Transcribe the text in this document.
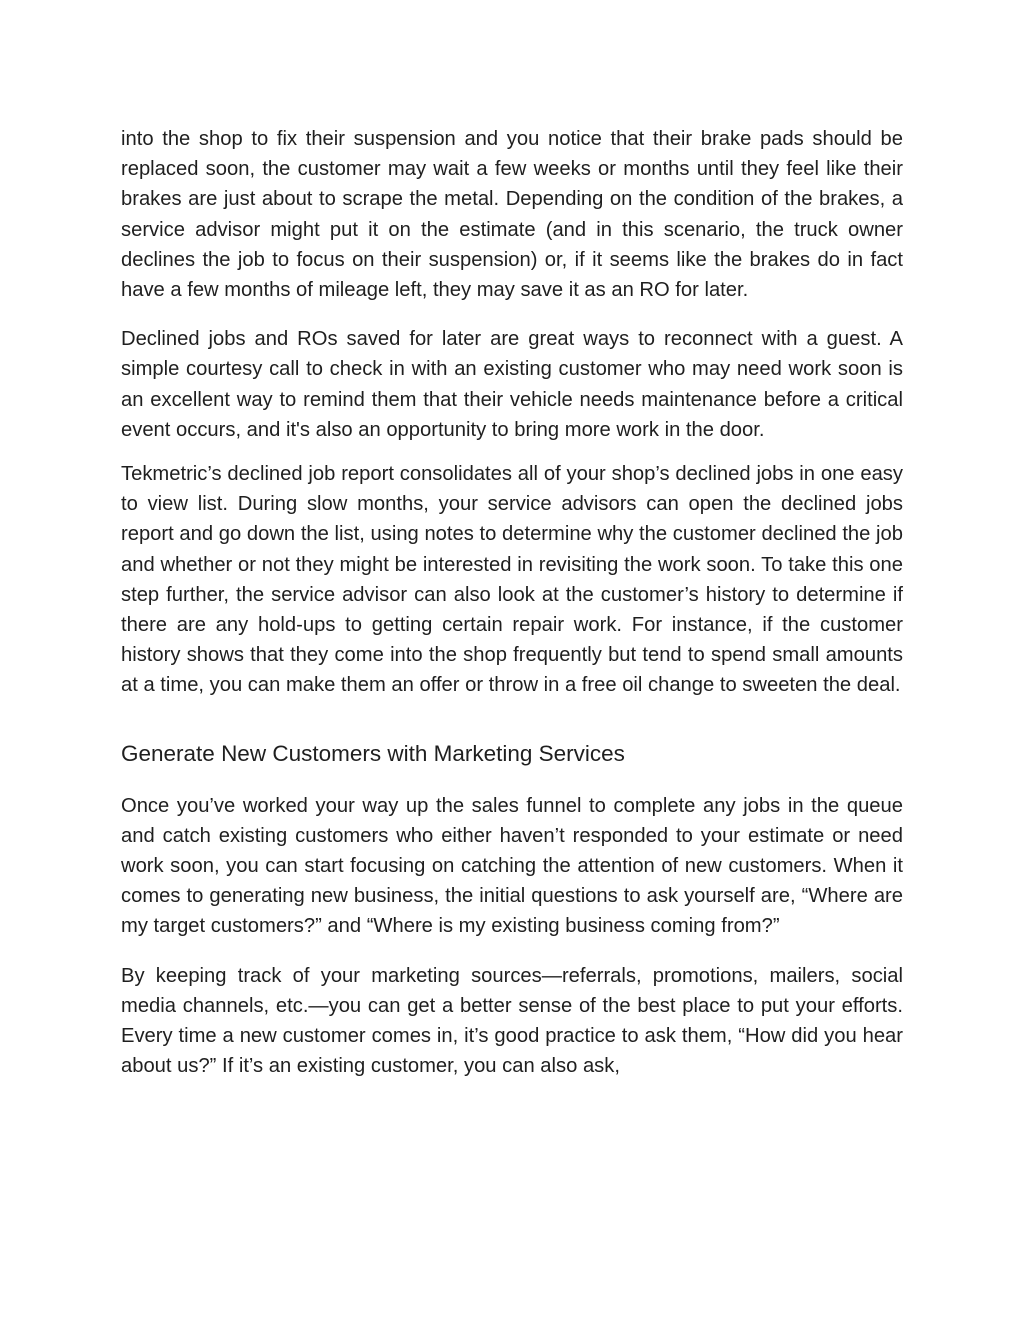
into the shop to fix their suspension and you notice that their brake pads should be replaced soon, the customer may wait a few weeks or months until they feel like their brakes are just about to scrape the metal. Depending on the condition of the brakes, a service advisor might put it on the estimate (and in this scenario, the truck owner declines the job to focus on their suspension) or, if it seems like the brakes do in fact have a few months of mileage left, they may save it as an RO for later.

Declined jobs and ROs saved for later are great ways to reconnect with a guest. A simple courtesy call to check in with an existing customer who may need work soon is an excellent way to remind them that their vehicle needs maintenance before a critical event occurs, and it's also an opportunity to bring more work in the door.

Tekmetric’s declined job report consolidates all of your shop’s declined jobs in one easy to view list. During slow months, your service advisors can open the declined jobs report and go down the list, using notes to determine why the customer declined the job and whether or not they might be interested in revisiting the work soon. To take this one step further, the service advisor can also look at the customer’s history to determine if there are any hold-ups to getting certain repair work. For instance, if the customer history shows that they come into the shop frequently but tend to spend small amounts at a time, you can make them an offer or throw in a free oil change to sweeten the deal.

Generate New Customers with Marketing Services

Once you’ve worked your way up the sales funnel to complete any jobs in the queue and catch existing customers who either haven’t responded to your estimate or need work soon, you can start focusing on catching the attention of new customers. When it comes to generating new business, the initial questions to ask yourself are, “Where are my target customers?” and “Where is my existing business coming from?”

By keeping track of your marketing sources—referrals, promotions, mailers, social media channels, etc.—you can get a better sense of the best place to put your efforts. Every time a new customer comes in, it’s good practice to ask them, “How did you hear about us?” If it’s an existing customer, you can also ask,
